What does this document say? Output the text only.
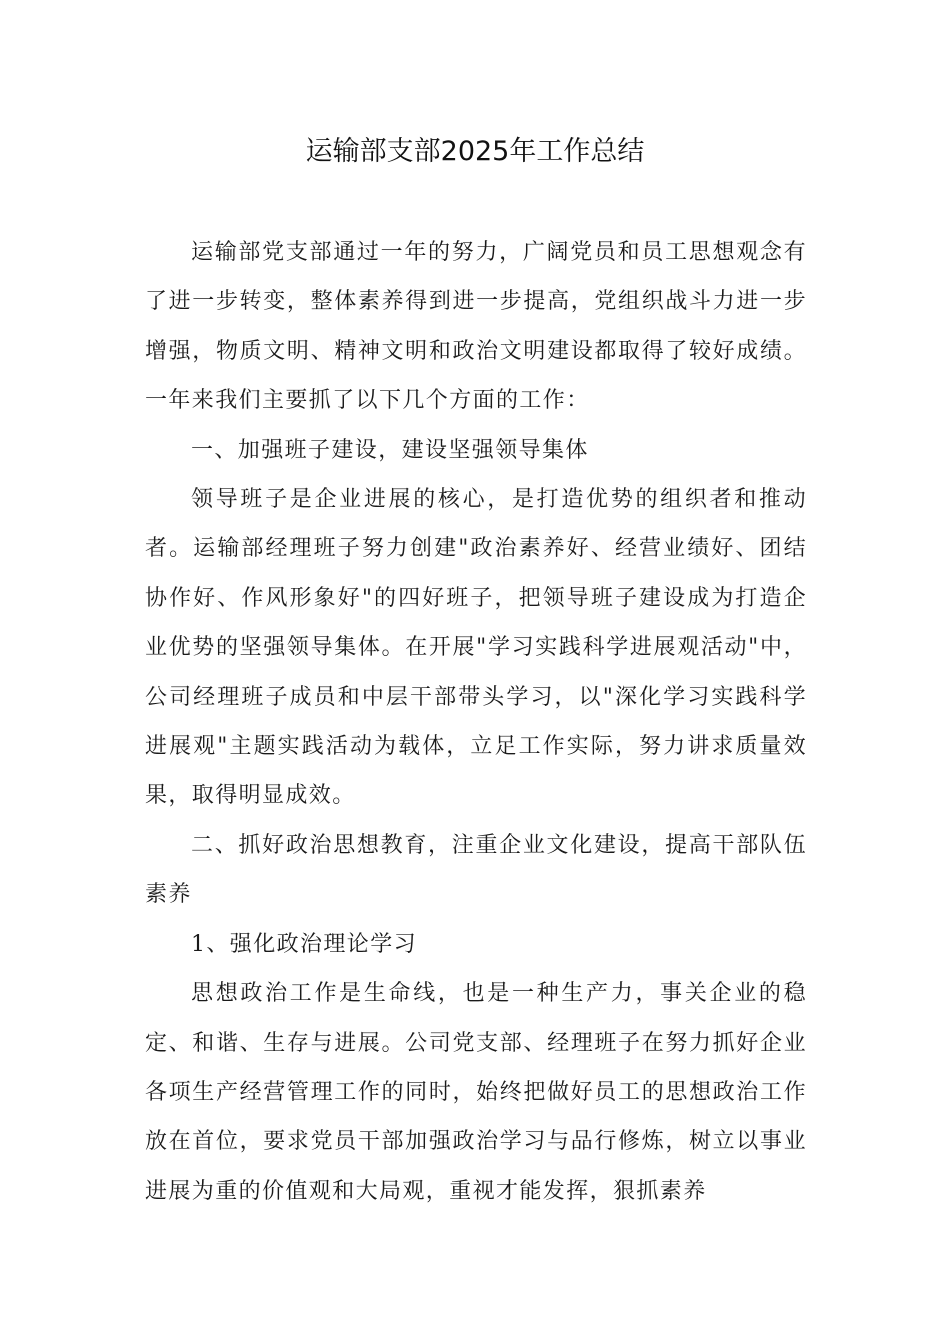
运输部支部2025年工作总结

运输部党支部通过一年的努力，广阔党员和员工思想观念有了进一步转变，整体素养得到进一步提高，党组织战斗力进一步增强，物质文明、精神文明和政治文明建设都取得了较好成绩。一年来我们主要抓了以下几个方面的工作：

一、加强班子建设，建设坚强领导集体

领导班子是企业进展的核心，是打造优势的组织者和推动者。运输部经理班子努力创建"政治素养好、经营业绩好、团结协作好、作风形象好"的四好班子，把领导班子建设成为打造企业优势的坚强领导集体。在开展"学习实践科学进展观活动"中，公司经理班子成员和中层干部带头学习，以"深化学习实践科学进展观"主题实践活动为载体，立足工作实际，努力讲求质量效果，取得明显成效。

二、抓好政治思想教育，注重企业文化建设，提高干部队伍素养

1、强化政治理论学习

思想政治工作是生命线，也是一种生产力，事关企业的稳定、和谐、生存与进展。公司党支部、经理班子在努力抓好企业各项生产经营管理工作的同时，始终把做好员工的思想政治工作放在首位，要求党员干部加强政治学习与品行修炼，树立以事业进展为重的价值观和大局观，重视才能发挥，狠抓素养
